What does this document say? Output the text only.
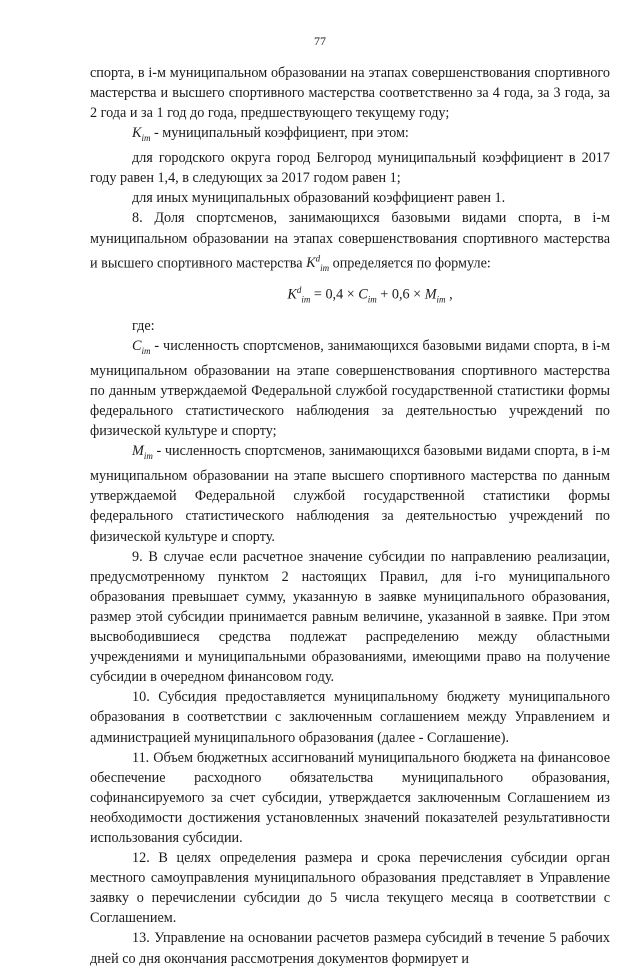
77

спорта, в i-м муниципальном образовании на этапах совершенствования спортивного мастерства и высшего спортивного мастерства соответственно за 4 года, за 3 года, за 2 года и за 1 год до года, предшествующего текущему году;

$K_{im}$ - муниципальный коэффициент, при этом:

для городского округа город Белгород муниципальный коэффициент в 2017 году равен 1,4, в следующих за 2017 годом равен 1;

для иных муниципальных образований коэффициент равен 1.

8. Доля спортсменов, занимающихся базовыми видами спорта, в i-м муниципальном образовании на этапах совершенствования спортивного мастерства и высшего спортивного мастерства $K^d_{im}$ определяется по формуле:

$K^d_{im} = 0,4 \times C_{im} + 0,6 \times M_{im}$ ,

где:

$C_{im}$ - численность спортсменов, занимающихся базовыми видами спорта, в i-м муниципальном образовании на этапе совершенствования спортивного мастерства по данным утверждаемой Федеральной службой государственной статистики формы федерального статистического наблюдения за деятельностью учреждений по физической культуре и спорту;

$M_{im}$ - численность спортсменов, занимающихся базовыми видами спорта, в i-м муниципальном образовании на этапе высшего спортивного мастерства по данным утверждаемой Федеральной службой государственной статистики формы федерального статистического наблюдения за деятельностью учреждений по физической культуре и спорту.

9. В случае если расчетное значение субсидии по направлению реализации, предусмотренному пунктом 2 настоящих Правил, для i-го муниципального образования превышает сумму, указанную в заявке муниципального образования, размер этой субсидии принимается равным величине, указанной в заявке. При этом высвободившиеся средства подлежат распределению между областными учреждениями и муниципальными образованиями, имеющими право на получение субсидии в очередном финансовом году.

10. Субсидия предоставляется муниципальному бюджету муниципального образования в соответствии с заключенным соглашением между Управлением и администрацией муниципального образования (далее - Соглашение).

11. Объем бюджетных ассигнований муниципального бюджета на финансовое обеспечение расходного обязательства муниципального образования, софинансируемого за счет субсидии, утверждается заключенным Соглашением из необходимости достижения установленных значений показателей результативности использования субсидии.

12. В целях определения размера и срока перечисления субсидии орган местного самоуправления муниципального образования представляет в Управление заявку о перечислении субсидии до 5 числа текущего месяца в соответствии с Соглашением.

13. Управление на основании расчетов размера субсидий в течение 5 рабочих дней со дня окончания рассмотрения документов формирует и
